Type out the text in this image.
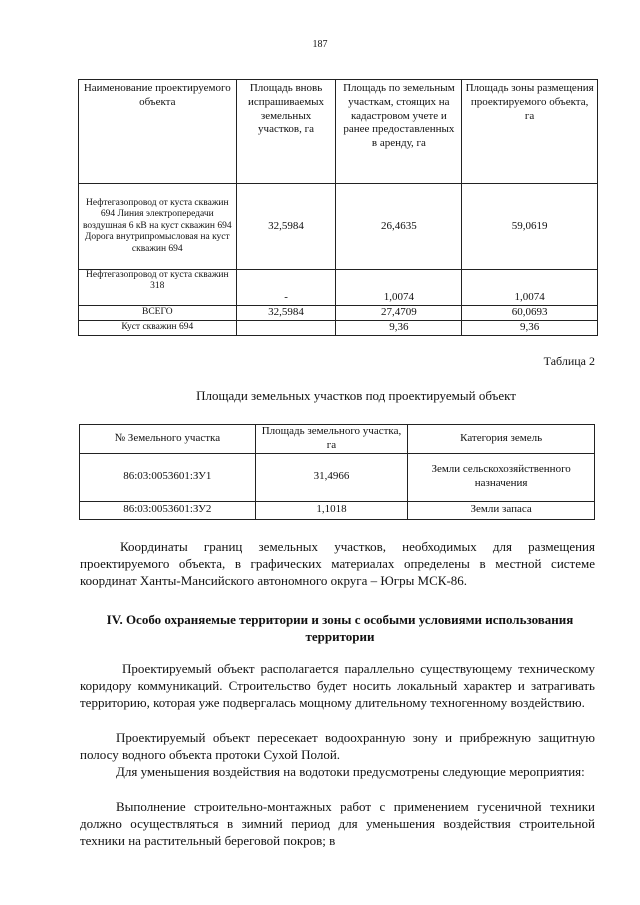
187
Наименование проектируемого объекта	Площадь вновь испрашиваемых земельных участков, га	Площадь по земельным участкам, стоящих на кадастровом учете и ранее предоставленных в аренду, га	Площадь зоны размещения проектируемого объекта, га
Нефтегазопровод от куста скважин 694 Линия электропередачи воздушная 6 кВ на куст скважин 694 Дорога внутрипромысловая на куст скважин 694	32,5984	26,4635	59,0619
Нефтегазопровод от куста скважин 318	-	1,0074	1,0074
ВСЕГО	32,5984	27,4709	60,0693
Куст скважин 694		9,36	9,36
Таблица 2
Площади земельных участков под проектируемый объект
№ Земельного участка	Площадь земельного участка, га	Категория земель
86:03:0053601:ЗУ1	31,4966	Земли сельскохозяйственного назначения
86:03:0053601:ЗУ2	1,1018	Земли запаса
Координаты границ земельных участков, необходимых для размещения проектируемого объекта, в графических материалах определены в местной системе координат Ханты-Мансийского автономного округа – Югры МСК-86.
IV. Особо охраняемые территории и зоны с особыми условиями использования территории
Проектируемый объект располагается параллельно существующему техническому коридору коммуникаций. Строительство будет носить локальный характер и затрагивать территорию, которая уже подвергалась мощному длительному техногенному воздействию.
Проектируемый объект пересекает водоохранную зону и прибрежную защитную полосу водного объекта протоки Сухой Полой.
Для уменьшения воздействия на водотоки предусмотрены следующие мероприятия:
Выполнение строительно-монтажных работ с применением гусеничной техники должно осуществляться в зимний период для уменьшения воздействия строительной техники на растительный береговой покров; в
